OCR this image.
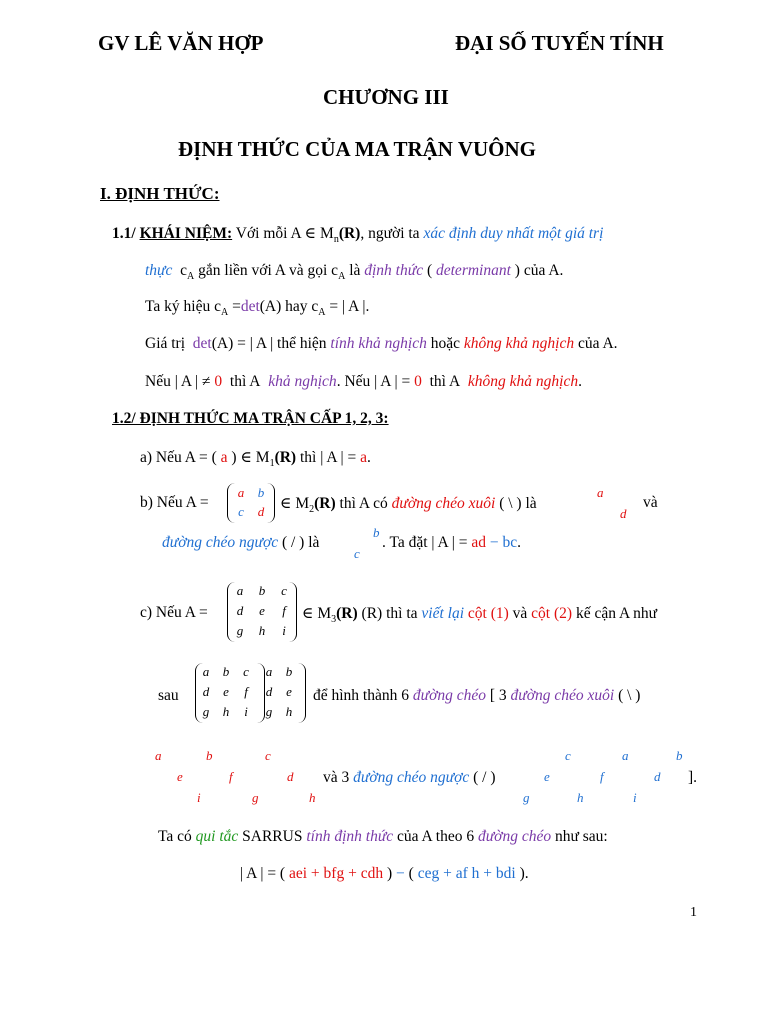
GV LÊ VĂN HỢP	ĐẠI SỐ TUYẾN TÍNH
CHƯƠNG III
ĐỊNH THỨC CỦA MA TRẬN VUÔNG
I. ĐỊNH THỨC:
1.1/ KHÁI NIỆM: Với mỗi A ∈ $M_n(R)$, người ta xác định duy nhất một giá trị
thực $c_A$ gắn liền với A và gọi $c_A$ là định thức ( determinant ) của A.
Ta ký hiệu $c_A =\det(A)$ hay $c_A$ = | A |.
Giá trị det(A) = | A | thể hiện tính khả nghịch hoặc không khả nghịch của A.
Nếu | A | ≠ 0 thì A khả nghịch. Nếu | A | = 0 thì A không khả nghịch.
1.2/ ĐỊNH THỨC MA TRẬN CẤP 1, 2, 3:
a) Nếu A = ( a ) ∈ $M_1(R)$ thì | A | = a.
b) Nếu A =
a b
c	d ∈ $M_2(R)$ thì A có đường chéo xuôi ( \ ) là
a
d
và
đường chéo ngược ( / ) là
b
c
. Ta đặt | A | = ad − bc.
c) Nếu A =
a b	c
d	e	f
g h	i
∈ $M_3(R)$ (R) thì ta viết lại cột (1) và cột (2) kế cận A như
sau
a b	c	a b
d	e	f	d	e
g h	i	g h
để hình thành 6 đường chéo [ 3 đường chéo xuôi ( \ )
a	b	c
e	f	d
i	g	h
và 3 đường chéo ngược ( / )
c	a	b
e	f	d
g	h	i
].
Ta có qui tắc SARRUS tính định thức của A theo 6 đường chéo như sau:
| A | = ( aei + bfg + cdh ) − ( ceg + af h + bdi ).
1
